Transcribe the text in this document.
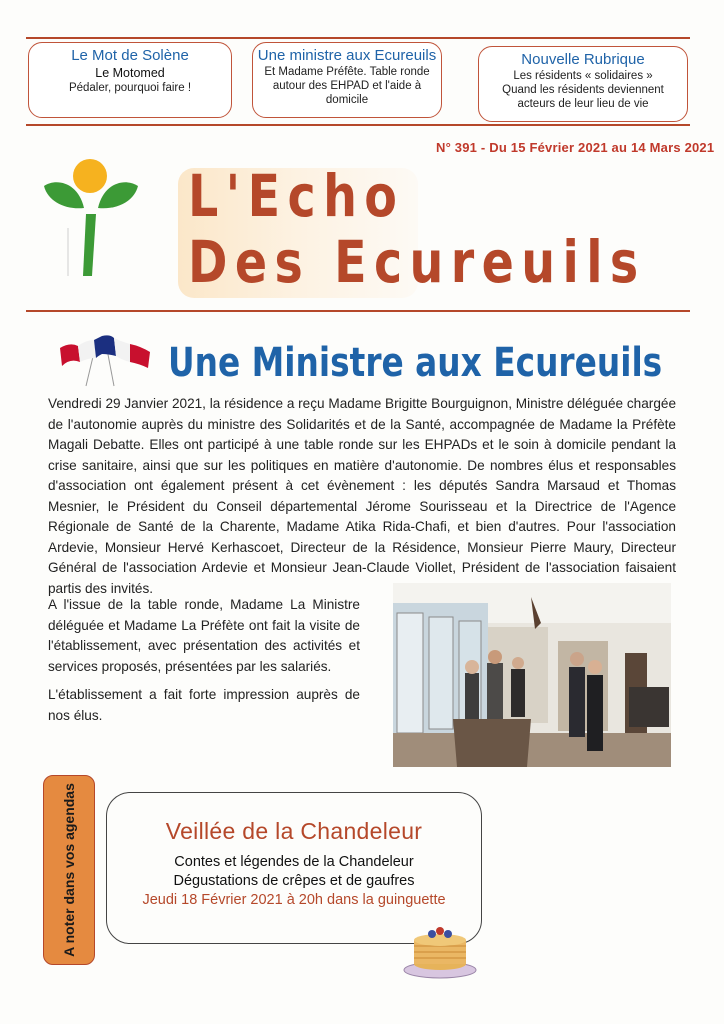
Le Mot de Solène
Le Motomed
Pédaler, pourquoi faire !
Une ministre aux Ecureuils
Et Madame Préfête. Table ronde
autour des EHPAD et l'aide à
domicile
Nouvelle Rubrique
Les résidents « solidaires »
Quand les résidents deviennent
acteurs de leur lieu de vie
N° 391 - Du 15 Février 2021 au 14 Mars 2021
L'Echo
Des Ecureuils
Une Ministre aux Ecureuils
Vendredi 29 Janvier 2021, la résidence a reçu Madame Brigitte Bourguignon, Ministre déléguée chargée de l'autonomie auprès du ministre des Solidarités et de la Santé, accompagnée de Madame la Préfète Magali Debatte. Elles ont participé à une table ronde sur les EHPADs et le soin à domicile pendant la crise sanitaire, ainsi que sur les politiques en matière d'autonomie. De nombres élus et responsables d'association ont également présent à cet évènement : les députés Sandra Marsaud et Thomas Mesnier, le Président du Conseil départemental Jérome Sourisseau et la Directrice de l'Agence Régionale de Santé de la Charente, Madame Atika Rida-Chafi, et bien d'autres. Pour l'association Ardevie, Monsieur Hervé Kerhascoet, Directeur de la Résidence, Monsieur Pierre Maury, Directeur Général de l'association Ardevie et Monsieur Jean-Claude Viollet, Président de l'association faisaient partis des invités.
A l'issue de la table ronde, Madame La Ministre déléguée et Madame La Préfète ont fait la visite de l'établissement, avec présentation des activités et services proposés, présentées par les salariés.
L'établissement a fait forte impression auprès de nos élus.
A noter dans vos agendas	Veillée de la Chandeleur
Contes et légendes de la Chandeleur
Dégustations de crêpes et de gaufres
Jeudi 18 Février 2021 à 20h dans la guinguette
